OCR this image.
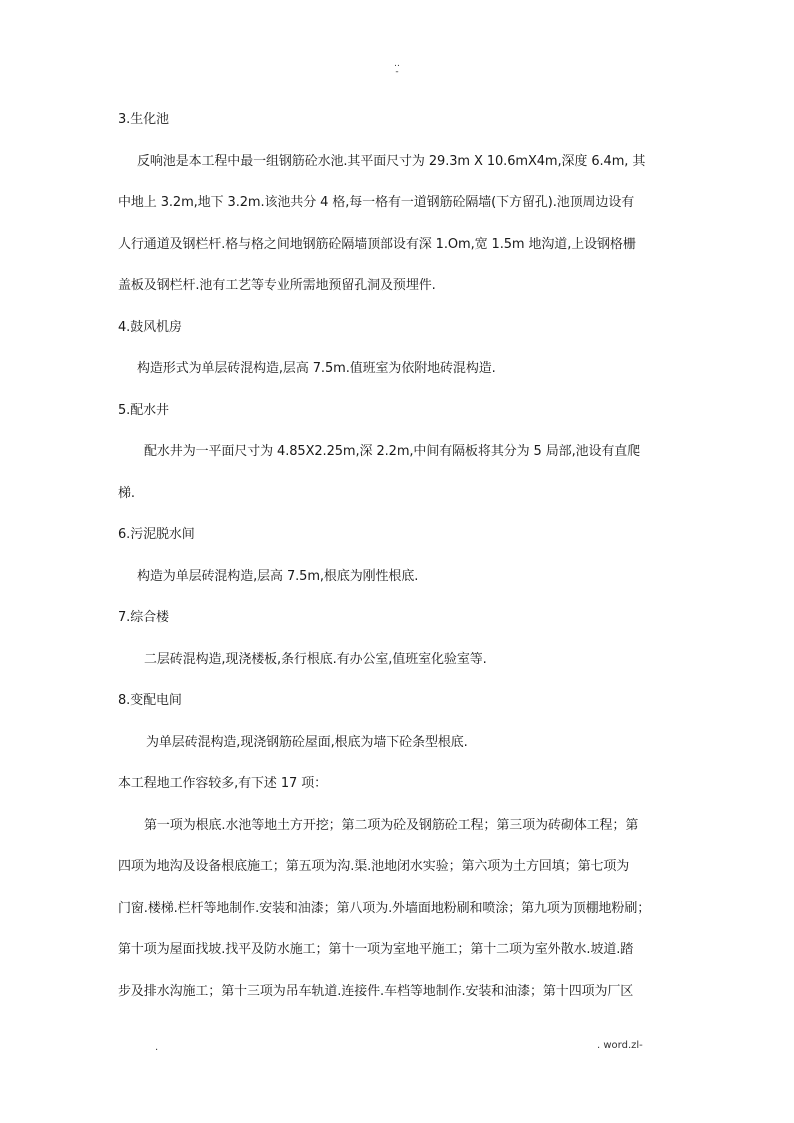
..
-
3.生化池
反响池是本工程中最一组钢筋砼水池.其平面尺寸为 29.3m X 10.6mX4m,深度 6.4m, 其
中地上 3.2m,地下 3.2m.该池共分 4 格,每一格有一道钢筋砼隔墙(下方留孔).池顶周边设有
人行通道及钢栏杆.格与格之间地钢筋砼隔墙顶部设有深 1.Om,宽 1.5m 地沟道,上设钢格栅
盖板及钢栏杆.池有工艺等专业所需地预留孔洞及预埋件.
4.鼓风机房
构造形式为单层砖混构造,层高 7.5m.值班室为依附地砖混构造.
5.配水井
配水井为一平面尺寸为 4.85X2.25m,深 2.2m,中间有隔板将其分为 5 局部,池设有直爬
梯.
6.污泥脱水间
构造为单层砖混构造,层高 7.5m,根底为刚性根底.
7.综合楼
二层砖混构造,现浇楼板,条行根底.有办公室,值班室化验室等.
8.变配电间
为单层砖混构造,现浇钢筋砼屋面,根底为墙下砼条型根底.
本工程地工作容较多,有下述 17 项：
第一项为根底.水池等地土方开挖；第二项为砼及钢筋砼工程；第三项为砖砌体工程；第
四项为地沟及设备根底施工；第五项为沟.渠.池地闭水实验；第六项为土方回填；第七项为
门窗.楼梯.栏杆等地制作.安装和油漆；第八项为.外墙面地粉刷和喷涂；第九项为顶棚地粉刷；
第十项为屋面找坡.找平及防水施工；第十一项为室地平施工；第十二项为室外散水.坡道.踏
步及排水沟施工；第十三项为吊车轨道.连接件.车档等地制作.安装和油漆；第十四项为厂区
.	. word.zl-
